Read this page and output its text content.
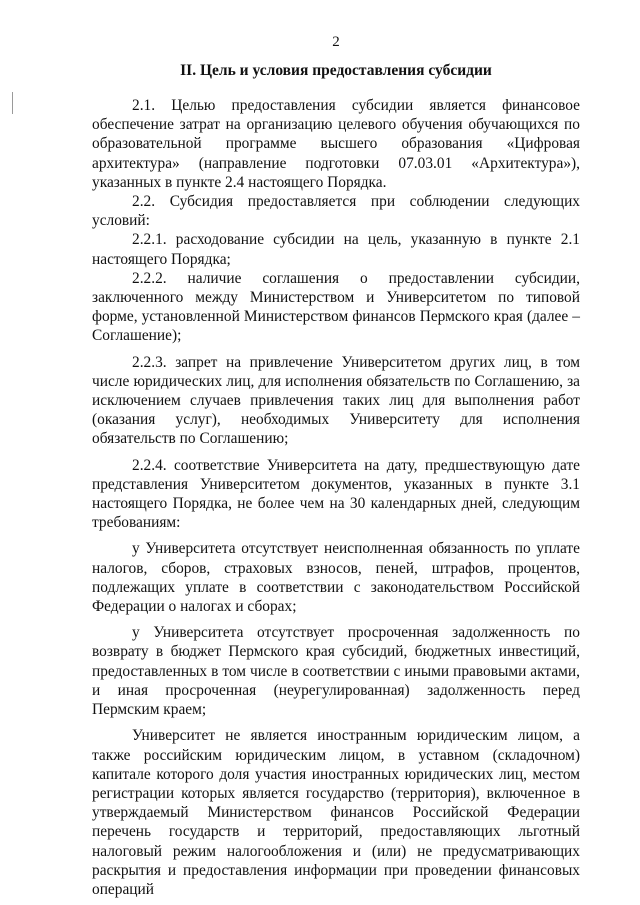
2
II. Цель и условия предоставления субсидии

2.1. Целью предоставления субсидии является финансовое обеспечение затрат на организацию целевого обучения обучающихся по образовательной программе высшего образования «Цифровая архитектура» (направление подготовки 07.03.01 «Архитектура»), указанных в пункте 2.4 настоящего Порядка.

2.2. Субсидия предоставляется при соблюдении следующих условий:

2.2.1. расходование субсидии на цель, указанную в пункте 2.1 настоящего Порядка;

2.2.2. наличие соглашения о предоставлении субсидии, заключенного между Министерством и Университетом по типовой форме, установленной Министерством финансов Пермского края (далее – Соглашение);

2.2.3. запрет на привлечение Университетом других лиц, в том числе юридических лиц, для исполнения обязательств по Соглашению, за исключением случаев привлечения таких лиц для выполнения работ (оказания услуг), необходимых Университету для исполнения обязательств по Соглашению;

2.2.4. соответствие Университета на дату, предшествующую дате представления Университетом документов, указанных в пункте 3.1 настоящего Порядка, не более чем на 30 календарных дней, следующим требованиям:

у Университета отсутствует неисполненная обязанность по уплате налогов, сборов, страховых взносов, пеней, штрафов, процентов, подлежащих уплате в соответствии с законодательством Российской Федерации о налогах и сборах;

у Университета отсутствует просроченная задолженность по возврату в бюджет Пермского края субсидий, бюджетных инвестиций, предоставленных в том числе в соответствии с иными правовыми актами, и иная просроченная (неурегулированная) задолженность перед Пермским краем;

Университет не является иностранным юридическим лицом, а также российским юридическим лицом, в уставном (складочном) капитале которого доля участия иностранных юридических лиц, местом регистрации которых является государство (территория), включенное в утверждаемый Министерством финансов Российской Федерации перечень государств и территорий, предоставляющих льготный налоговый режим налогообложения и (или) не предусматривающих раскрытия и предоставления информации при проведении финансовых операций
